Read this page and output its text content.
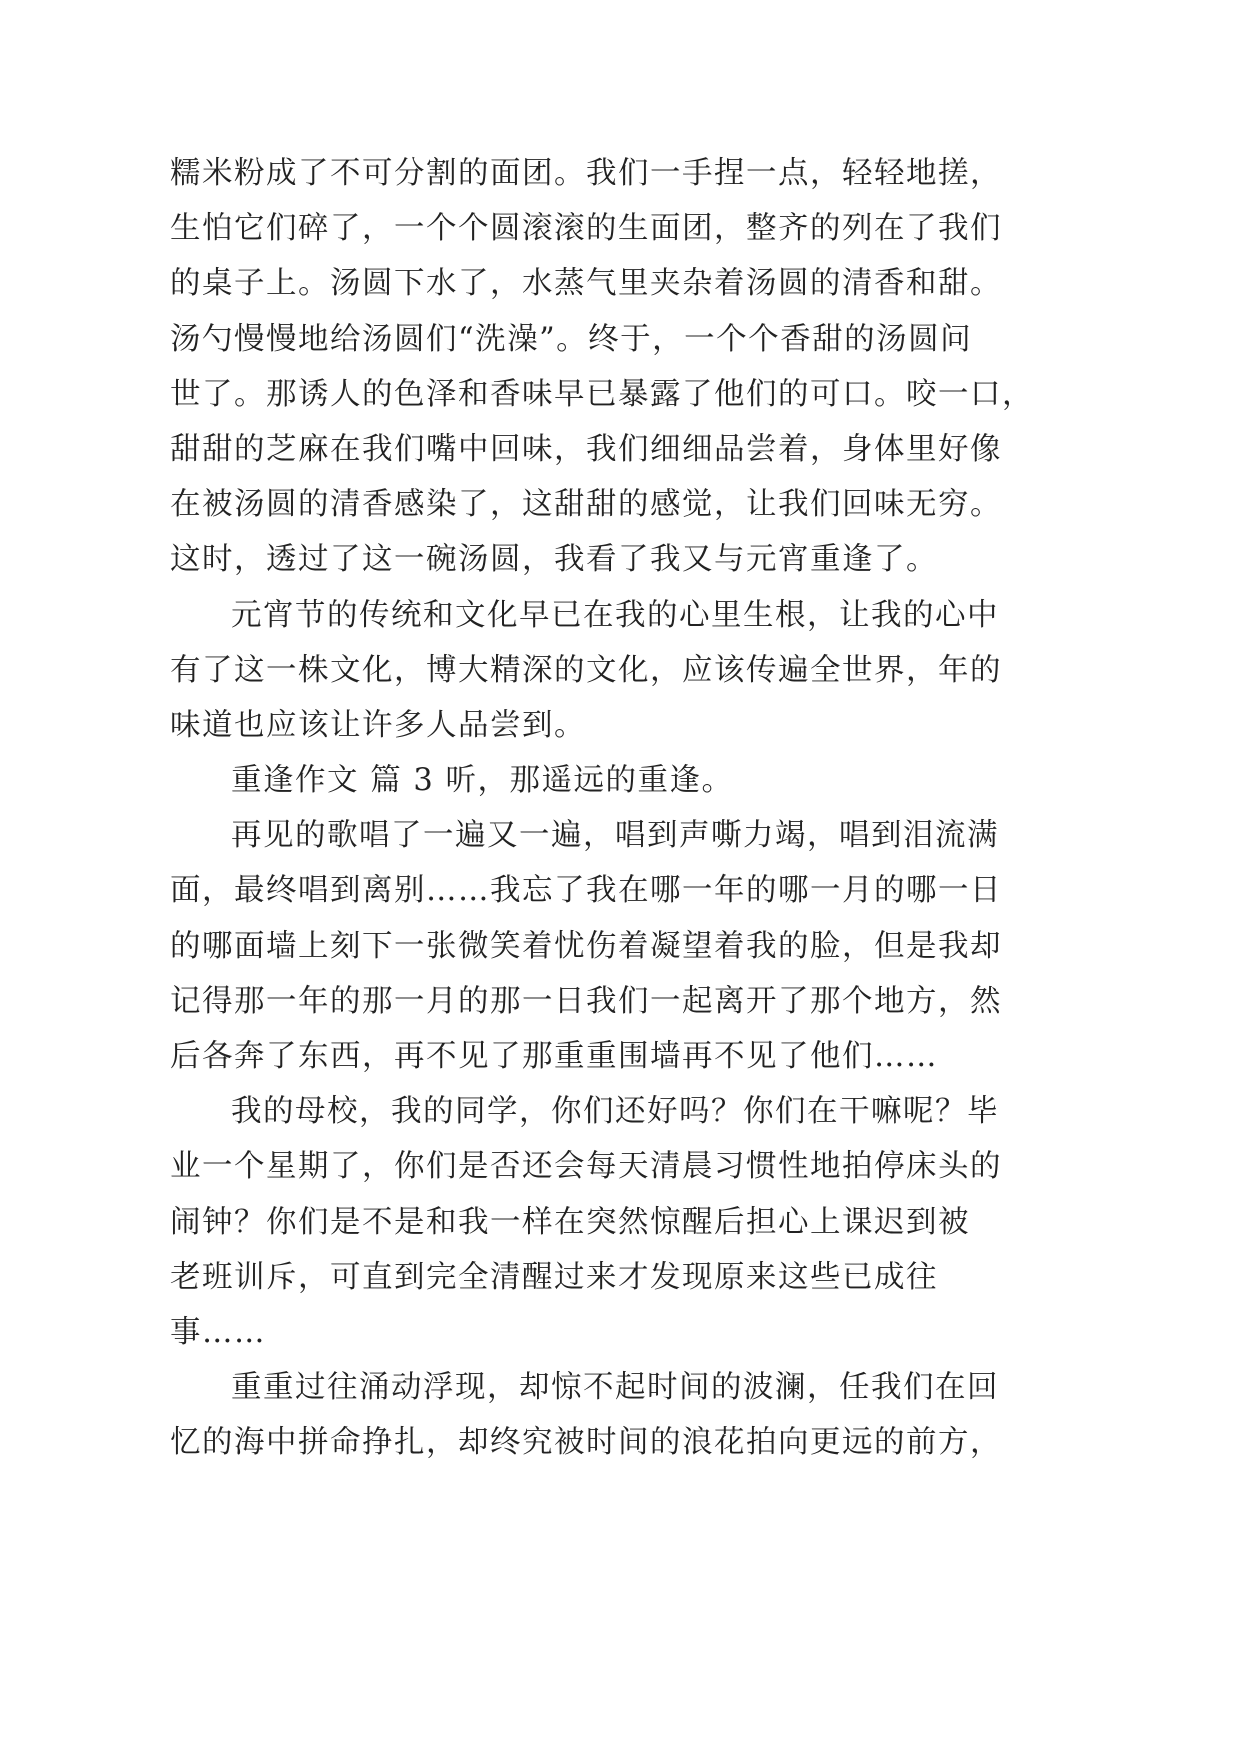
糯米粉成了不可分割的面团。我们一手捏一点，轻轻地搓，
生怕它们碎了，一个个圆滚滚的生面团，整齐的列在了我们
的桌子上。汤圆下水了，水蒸气里夹杂着汤圆的清香和甜。
汤勺慢慢地给汤圆们“洗澡”。终于，一个个香甜的汤圆问
世了。那诱人的色泽和香味早已暴露了他们的可口。咬一口，
甜甜的芝麻在我们嘴中回味，我们细细品尝着，身体里好像
在被汤圆的清香感染了，这甜甜的感觉，让我们回味无穷。
这时，透过了这一碗汤圆，我看了我又与元宵重逢了。
元宵节的传统和文化早已在我的心里生根，让我的心中
有了这一株文化，博大精深的文化，应该传遍全世界，年的
味道也应该让许多人品尝到。
重逢作文 篇 3 听，那遥远的重逢。
再见的歌唱了一遍又一遍，唱到声嘶力竭，唱到泪流满
面，最终唱到离别……我忘了我在哪一年的哪一月的哪一日
的哪面墙上刻下一张微笑着忧伤着凝望着我的脸，但是我却
记得那一年的那一月的那一日我们一起离开了那个地方，然
后各奔了东西，再不见了那重重围墙再不见了他们……
我的母校，我的同学，你们还好吗？你们在干嘛呢？毕
业一个星期了，你们是否还会每天清晨习惯性地拍停床头的
闹钟？你们是不是和我一样在突然惊醒后担心上课迟到被
老班训斥，可直到完全清醒过来才发现原来这些已成往
事……
重重过往涌动浮现，却惊不起时间的波澜，任我们在回
忆的海中拼命挣扎，却终究被时间的浪花拍向更远的前方，
